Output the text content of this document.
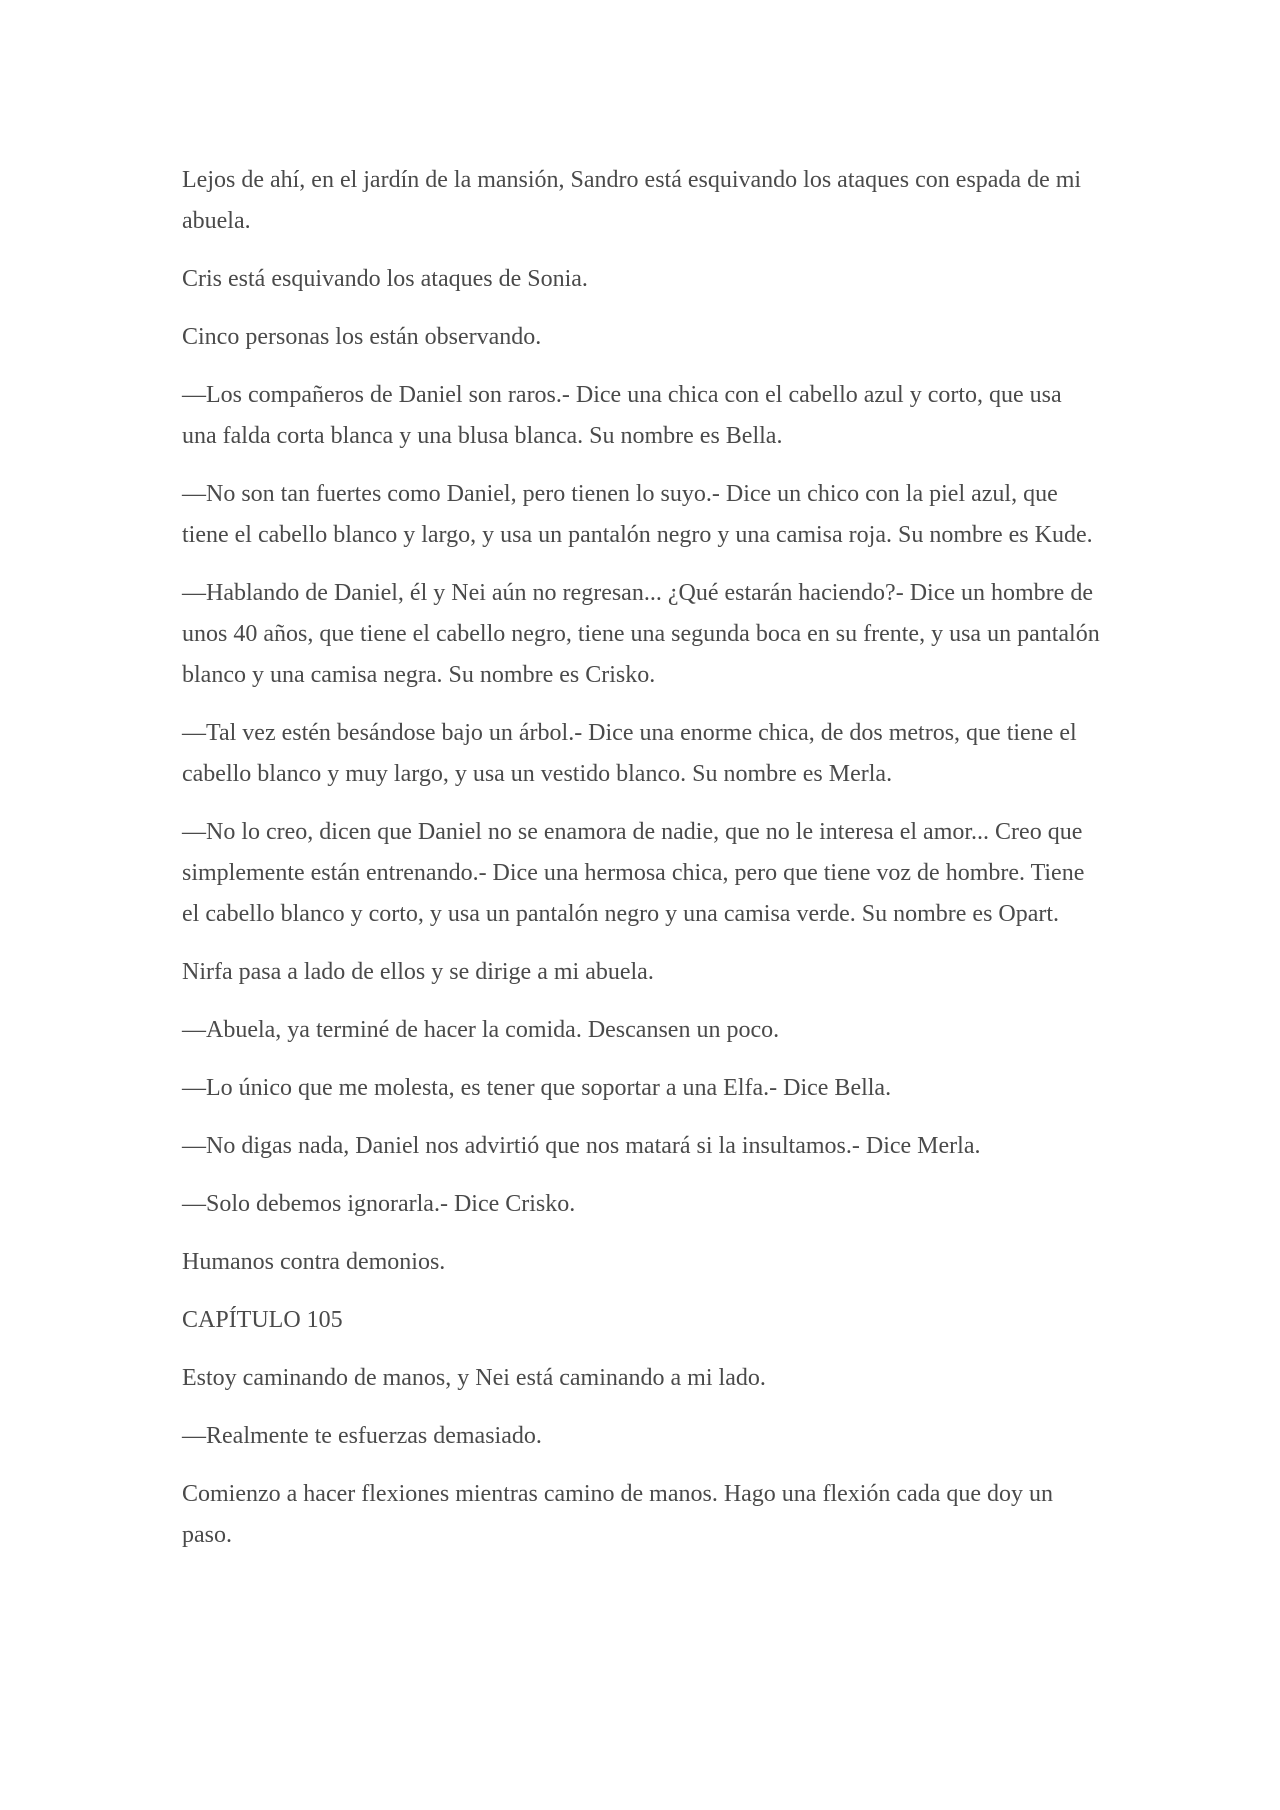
Lejos de ahí, en el jardín de la mansión, Sandro está esquivando los ataques con espada de mi abuela.

Cris está esquivando los ataques de Sonia.

Cinco personas los están observando.

—Los compañeros de Daniel son raros.- Dice una chica con el cabello azul y corto, que usa una falda corta blanca y una blusa blanca. Su nombre es Bella.

—No son tan fuertes como Daniel, pero tienen lo suyo.- Dice un chico con la piel azul, que tiene el cabello blanco y largo, y usa un pantalón negro y una camisa roja. Su nombre es Kude.

—Hablando de Daniel, él y Nei aún no regresan... ¿Qué estarán haciendo?- Dice un hombre de unos 40 años, que tiene el cabello negro, tiene una segunda boca en su frente, y usa un pantalón blanco y una camisa negra. Su nombre es Crisko.

—Tal vez estén besándose bajo un árbol.- Dice una enorme chica, de dos metros, que tiene el cabello blanco y muy largo, y usa un vestido blanco. Su nombre es Merla.

—No lo creo, dicen que Daniel no se enamora de nadie, que no le interesa el amor... Creo que simplemente están entrenando.- Dice una hermosa chica, pero que tiene voz de hombre. Tiene el cabello blanco y corto, y usa un pantalón negro y una camisa verde. Su nombre es Opart.

Nirfa pasa a lado de ellos y se dirige a mi abuela.

—Abuela, ya terminé de hacer la comida. Descansen un poco.

—Lo único que me molesta, es tener que soportar a una Elfa.- Dice Bella.

—No digas nada, Daniel nos advirtió que nos matará si la insultamos.- Dice Merla.

—Solo debemos ignorarla.- Dice Crisko.

Humanos contra demonios.

CAPÍTULO 105

Estoy caminando de manos, y Nei está caminando a mi lado.

—Realmente te esfuerzas demasiado.

Comienzo a hacer flexiones mientras camino de manos. Hago una flexión cada que doy un paso.
